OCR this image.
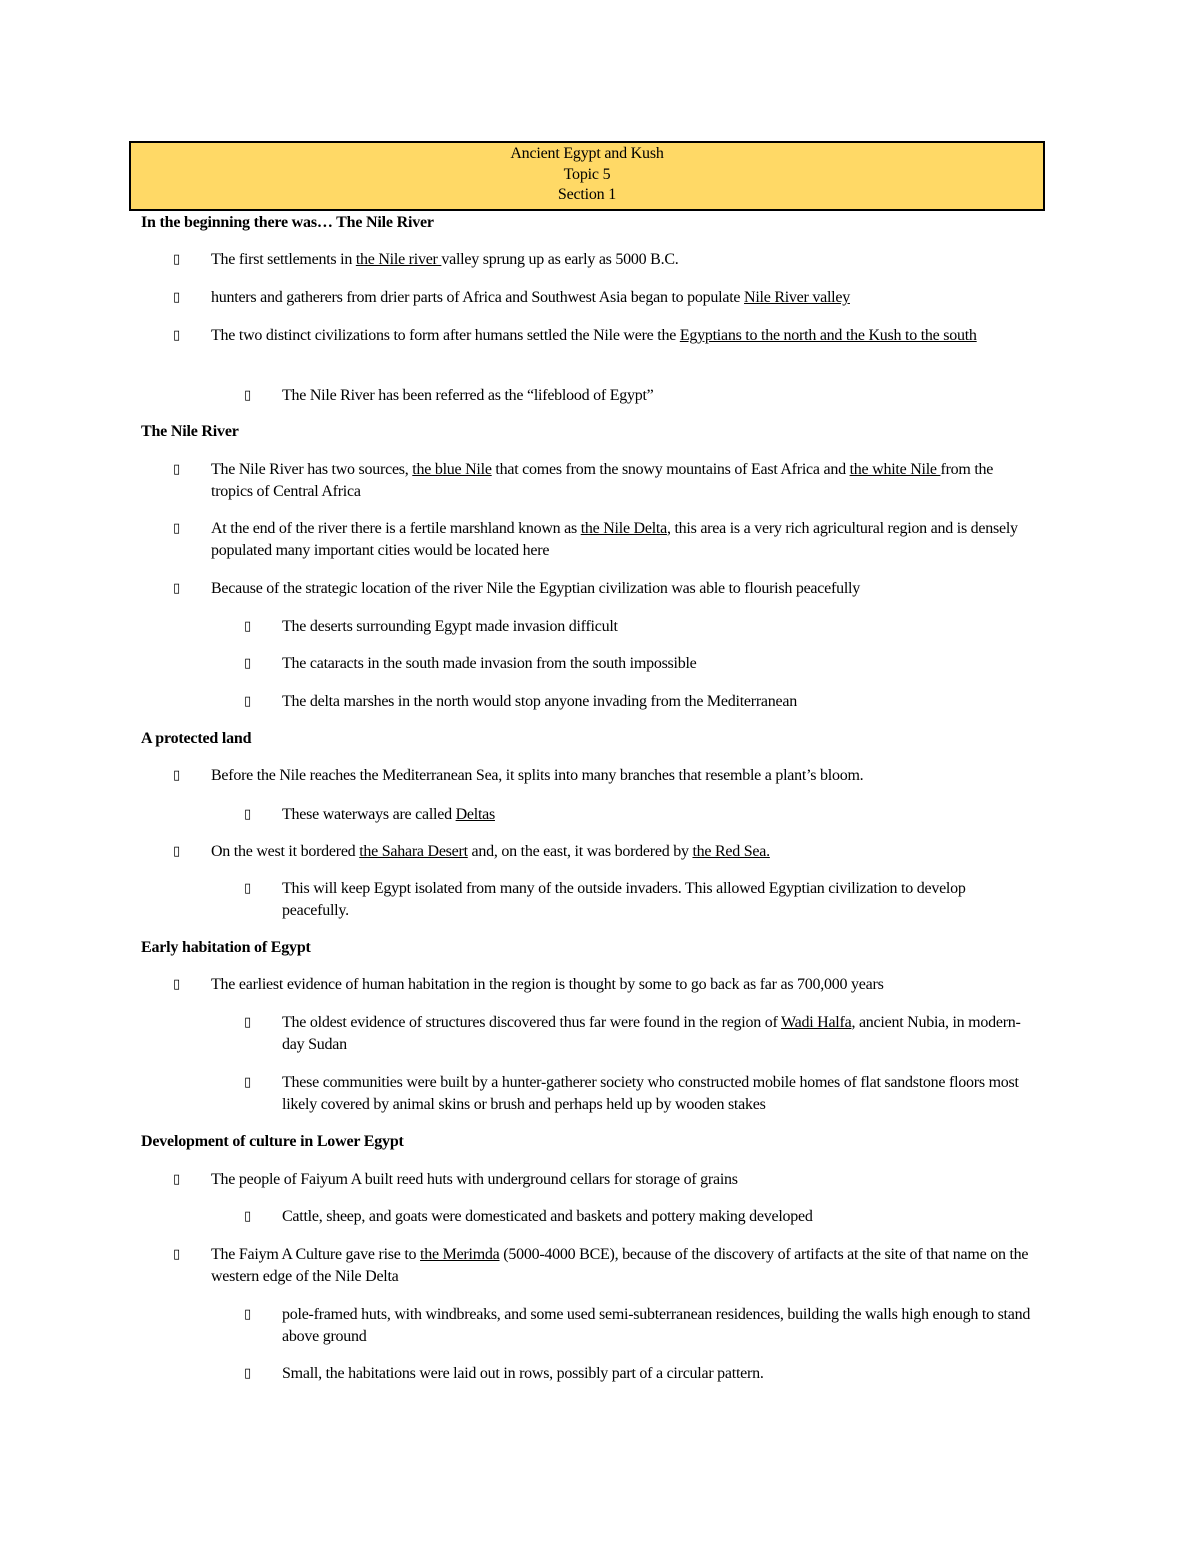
Ancient Egypt and Kush
Topic 5
Section 1
In the beginning there was… The Nile River
▯ The first settlements in the Nile river valley sprung up as early as 5000 B.C.
▯ hunters and gatherers from drier parts of Africa and Southwest Asia began to populate Nile River valley
▯ The two distinct civilizations to form after humans settled the Nile were the Egyptians to the north and the Kush to the south
▯ The Nile River has been referred as the “lifeblood of Egypt”
The Nile River
▯ The Nile River has two sources, the blue Nile that comes from the snowy mountains of East Africa and the white Nile from the tropics of Central Africa
▯ At the end of the river there is a fertile marshland known as the Nile Delta, this area is a very rich agricultural region and is densely populated many important cities would be located here
▯ Because of the strategic location of the river Nile the Egyptian civilization was able to flourish peacefully
▯ The deserts surrounding Egypt made invasion difficult
▯ The cataracts in the south made invasion from the south impossible
▯ The delta marshes in the north would stop anyone invading from the Mediterranean
A protected land
▯ Before the Nile reaches the Mediterranean Sea, it splits into many branches that resemble a plant’s bloom.
▯ These waterways are called Deltas
▯ On the west it bordered the Sahara Desert and, on the east, it was bordered by the Red Sea.
▯ This will keep Egypt isolated from many of the outside invaders. This allowed Egyptian civilization to develop peacefully.
Early habitation of Egypt
▯ The earliest evidence of human habitation in the region is thought by some to go back as far as 700,000 years
▯ The oldest evidence of structures discovered thus far were found in the region of Wadi Halfa, ancient Nubia, in modern-day Sudan
▯ These communities were built by a hunter-gatherer society who constructed mobile homes of flat sandstone floors most likely covered by animal skins or brush and perhaps held up by wooden stakes
Development of culture in Lower Egypt
▯ The people of Faiyum A built reed huts with underground cellars for storage of grains
▯ Cattle, sheep, and goats were domesticated and baskets and pottery making developed
▯ The Faiym A Culture gave rise to the Merimda (5000-4000 BCE), because of the discovery of artifacts at the site of that name on the western edge of the Nile Delta
▯ pole-framed huts, with windbreaks, and some used semi-subterranean residences, building the walls high enough to stand above ground
▯ Small, the habitations were laid out in rows, possibly part of a circular pattern.
